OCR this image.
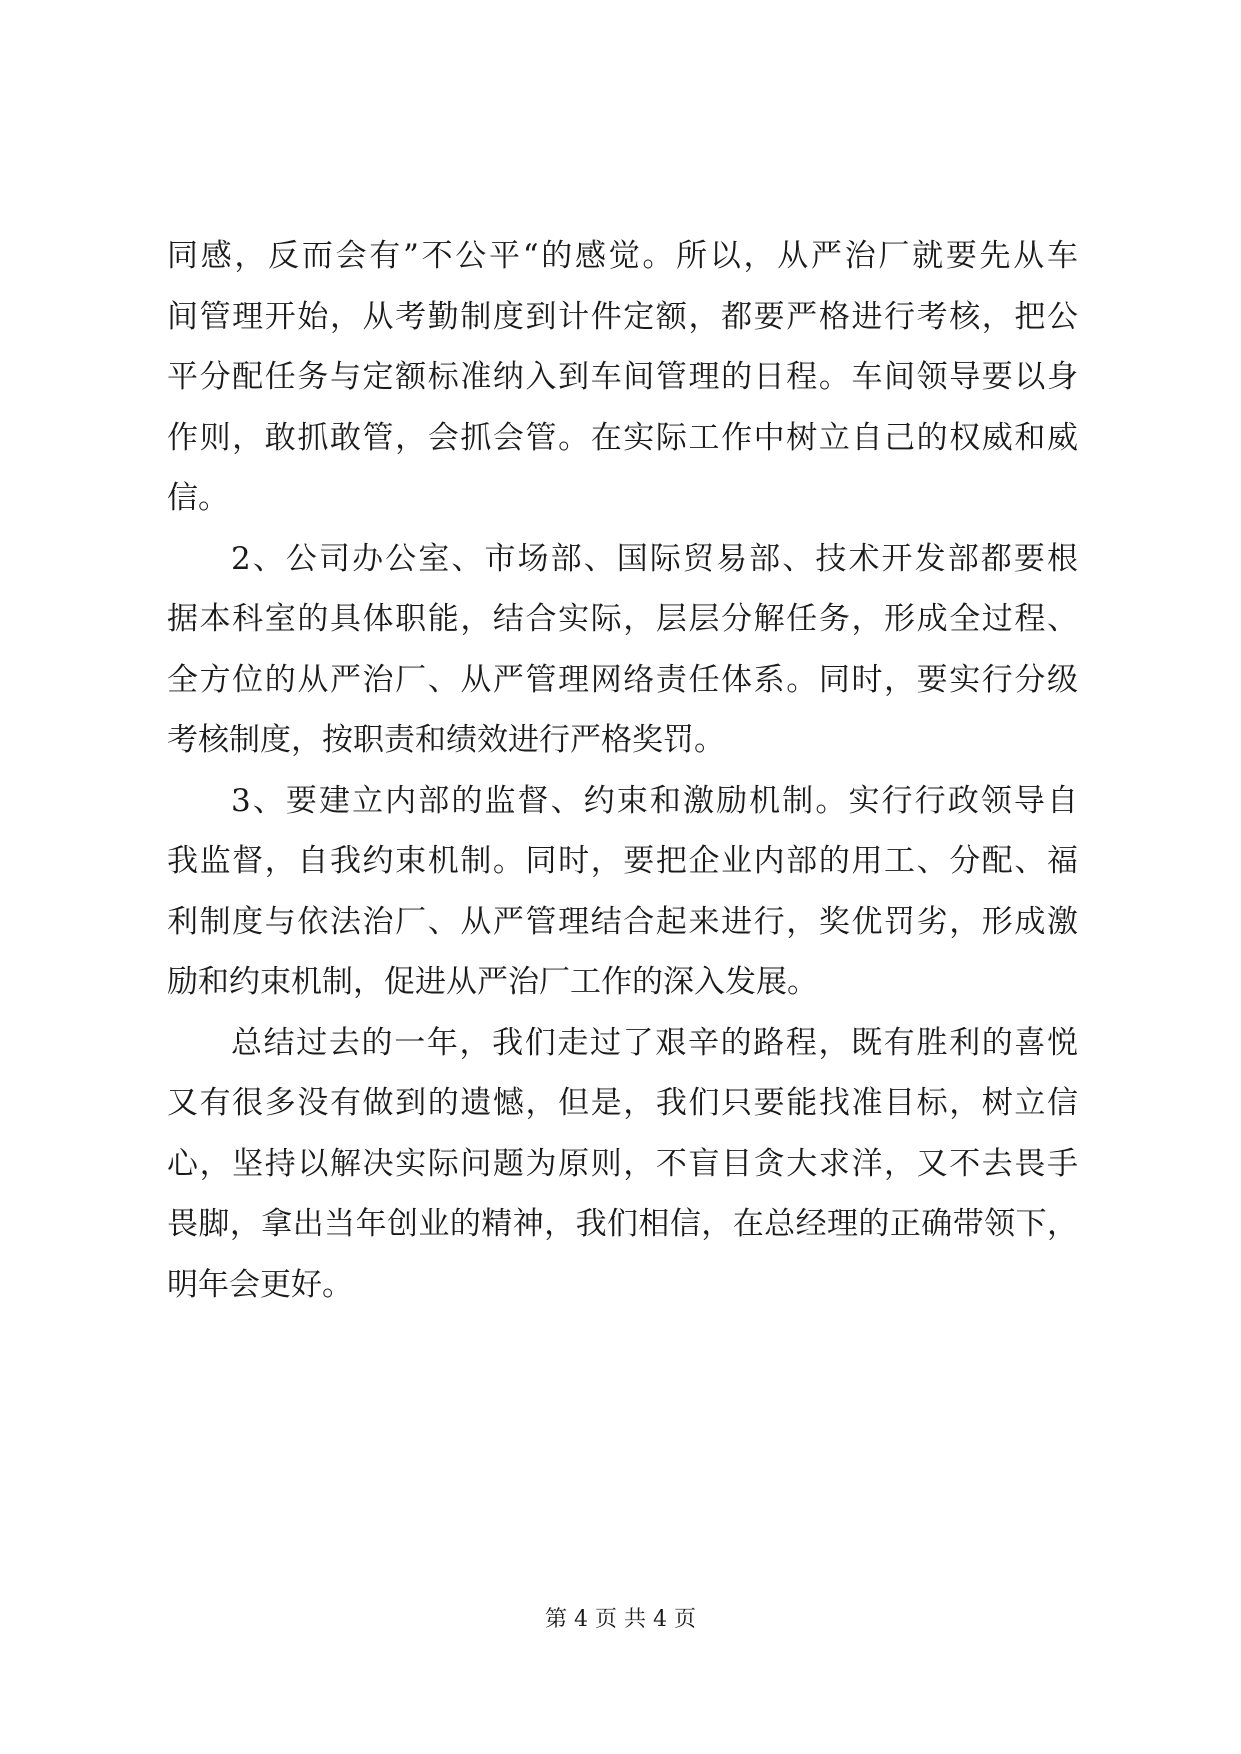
同感，反而会有”不公平“的感觉。所以，从严治厂就要先从车
间管理开始，从考勤制度到计件定额，都要严格进行考核，把公
平分配任务与定额标准纳入到车间管理的日程。车间领导要以身
作则，敢抓敢管，会抓会管。在实际工作中树立自己的权威和威
信。
2、公司办公室、市场部、国际贸易部、技术开发部都要根
据本科室的具体职能，结合实际，层层分解任务，形成全过程、
全方位的从严治厂、从严管理网络责任体系。同时，要实行分级
考核制度，按职责和绩效进行严格奖罚。
3、要建立内部的监督、约束和激励机制。实行行政领导自
我监督，自我约束机制。同时，要把企业内部的用工、分配、福
利制度与依法治厂、从严管理结合起来进行，奖优罚劣，形成激
励和约束机制，促进从严治厂工作的深入发展。
总结过去的一年，我们走过了艰辛的路程，既有胜利的喜悦
又有很多没有做到的遗憾，但是，我们只要能找准目标，树立信
心，坚持以解决实际问题为原则，不盲目贪大求洋，又不去畏手
畏脚，拿出当年创业的精神，我们相信，在总经理的正确带领下，
明年会更好。
第 4 页 共 4 页
